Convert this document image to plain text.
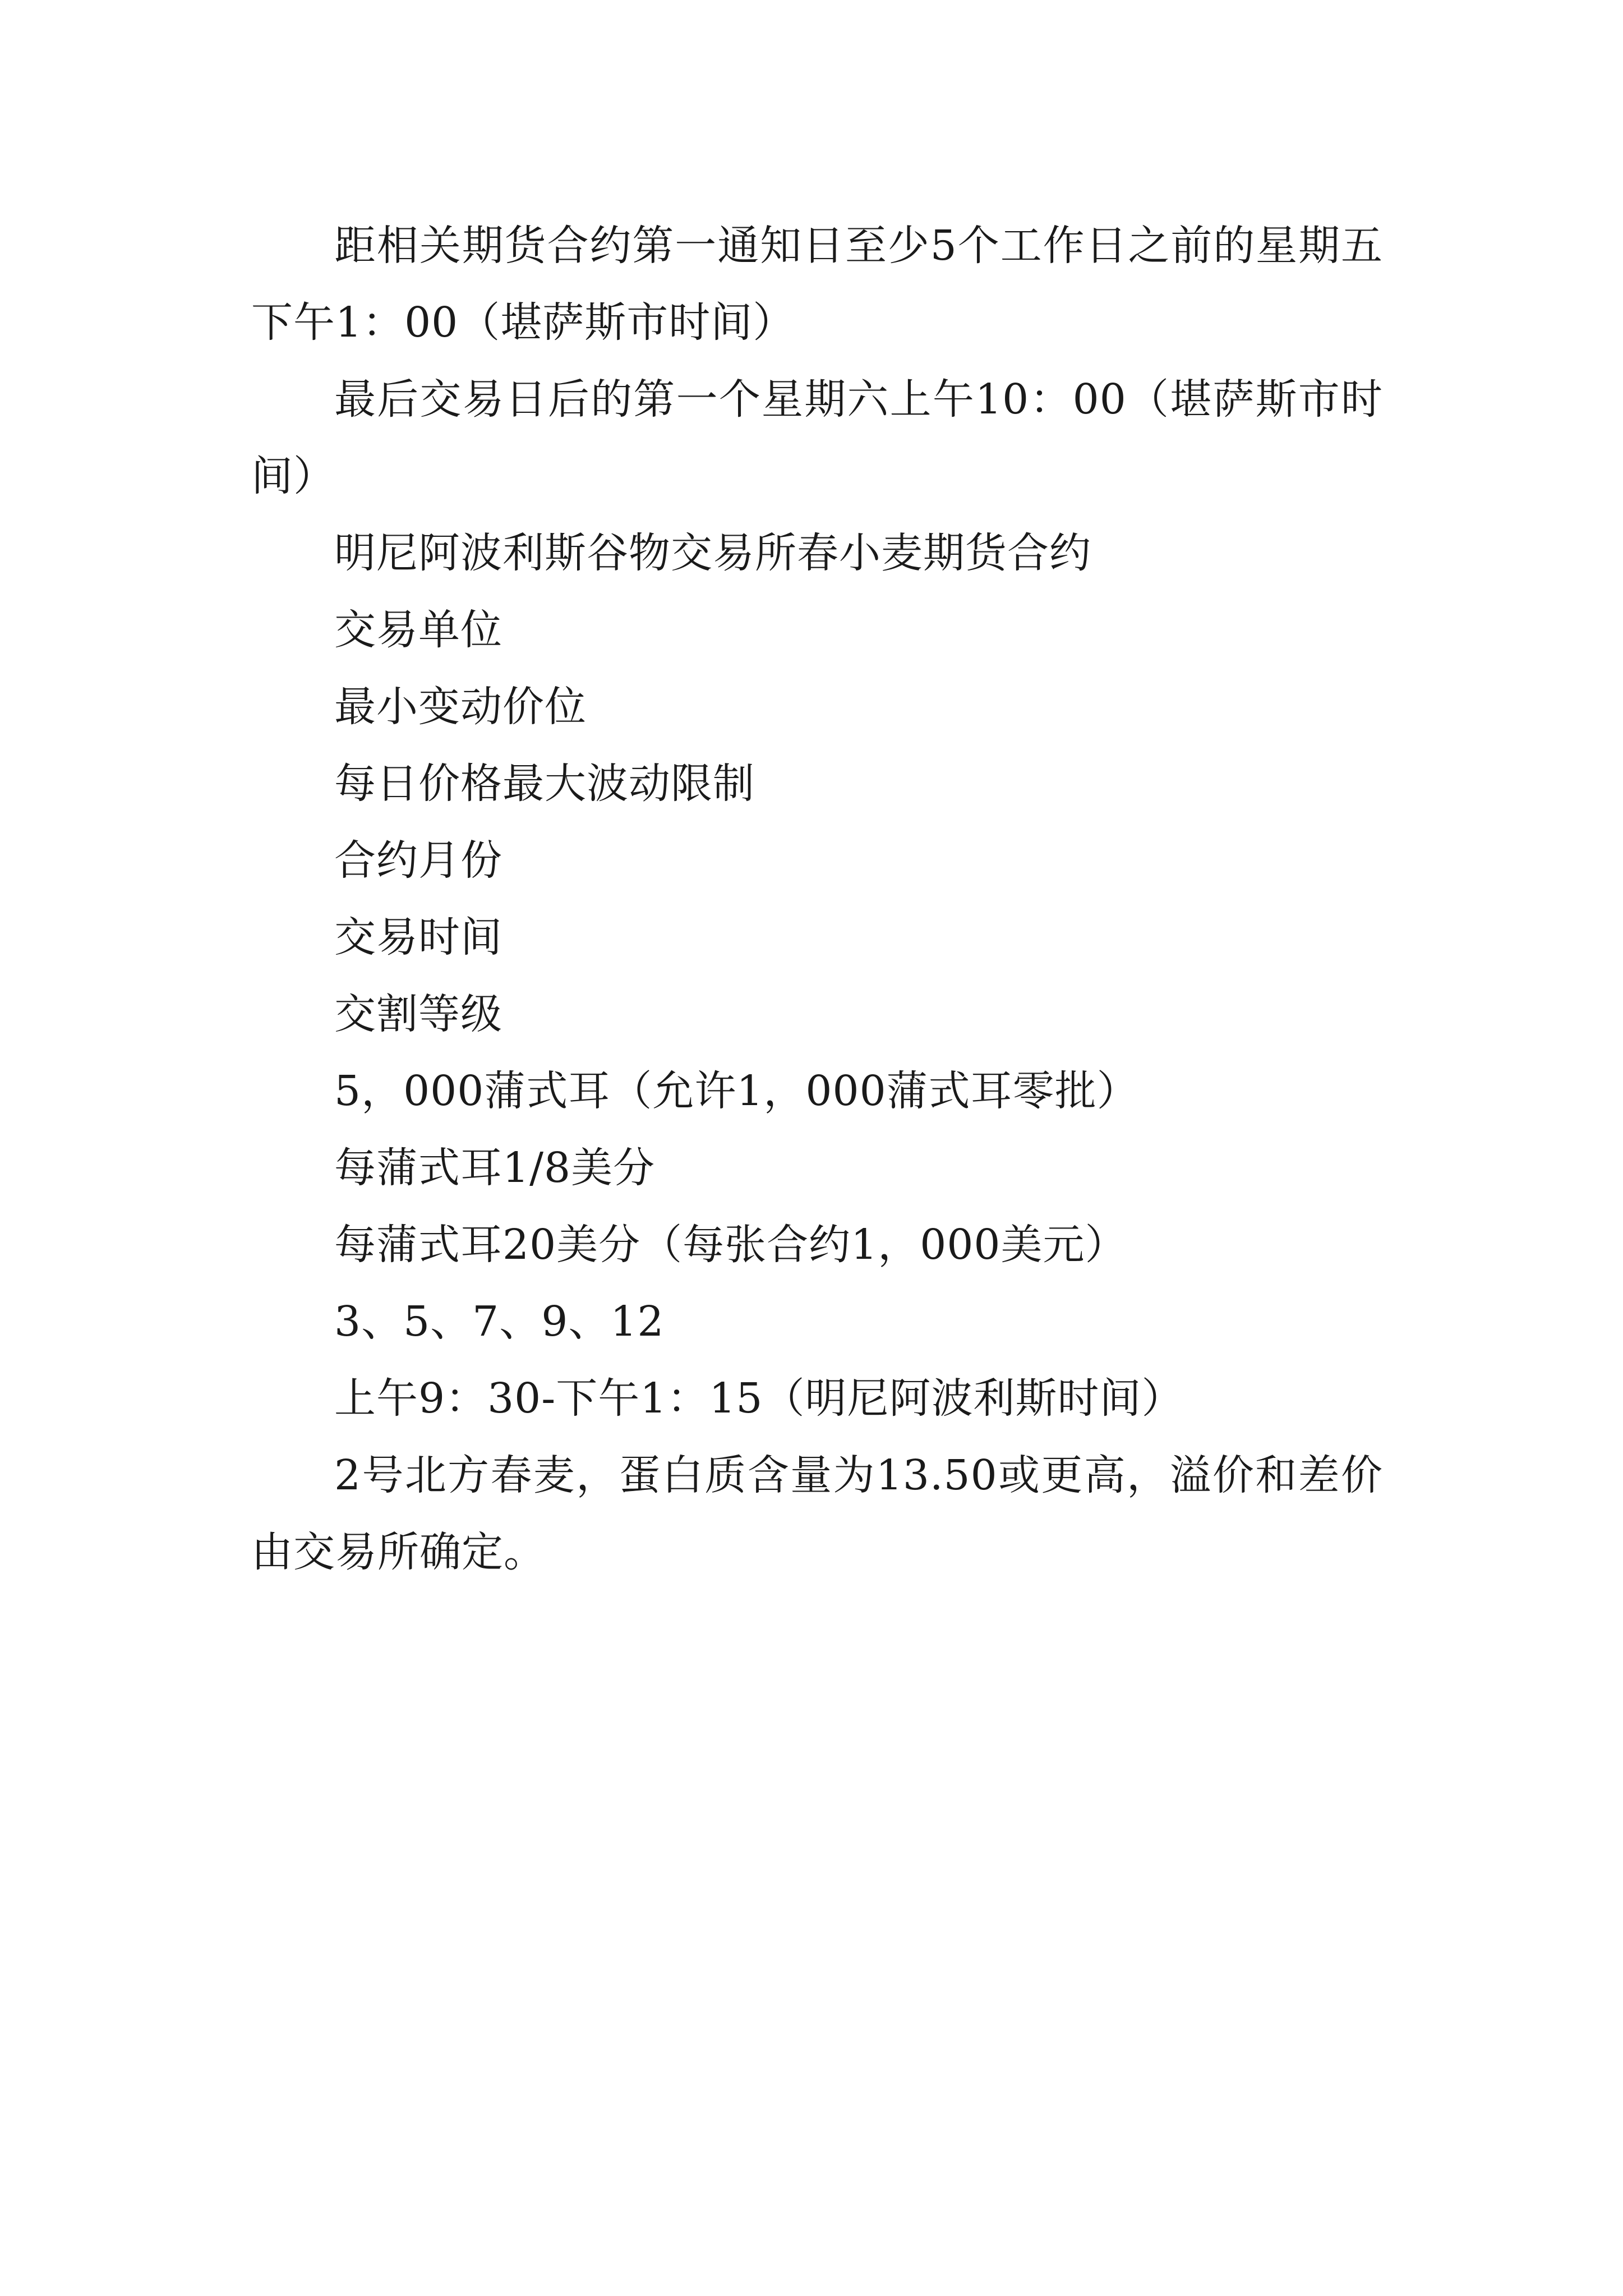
距相关期货合约第一通知日至少5个工作日之前的星期五下午1：00（堪萨斯市时间）

最后交易日后的第一个星期六上午10：00（堪萨斯市时间）

明尼阿波利斯谷物交易所春小麦期货合约

交易单位

最小变动价位

每日价格最大波动限制

合约月份

交易时间

交割等级

5，000蒲式耳（允许1，000蒲式耳零批）

每蒲式耳1/8美分

每蒲式耳20美分（每张合约1，000美元）

3、5、7、9、12

上午9：30-下午1：15（明尼阿波利斯时间）

2号北方春麦，蛋白质含量为13.50或更高，溢价和差价由交易所确定。
